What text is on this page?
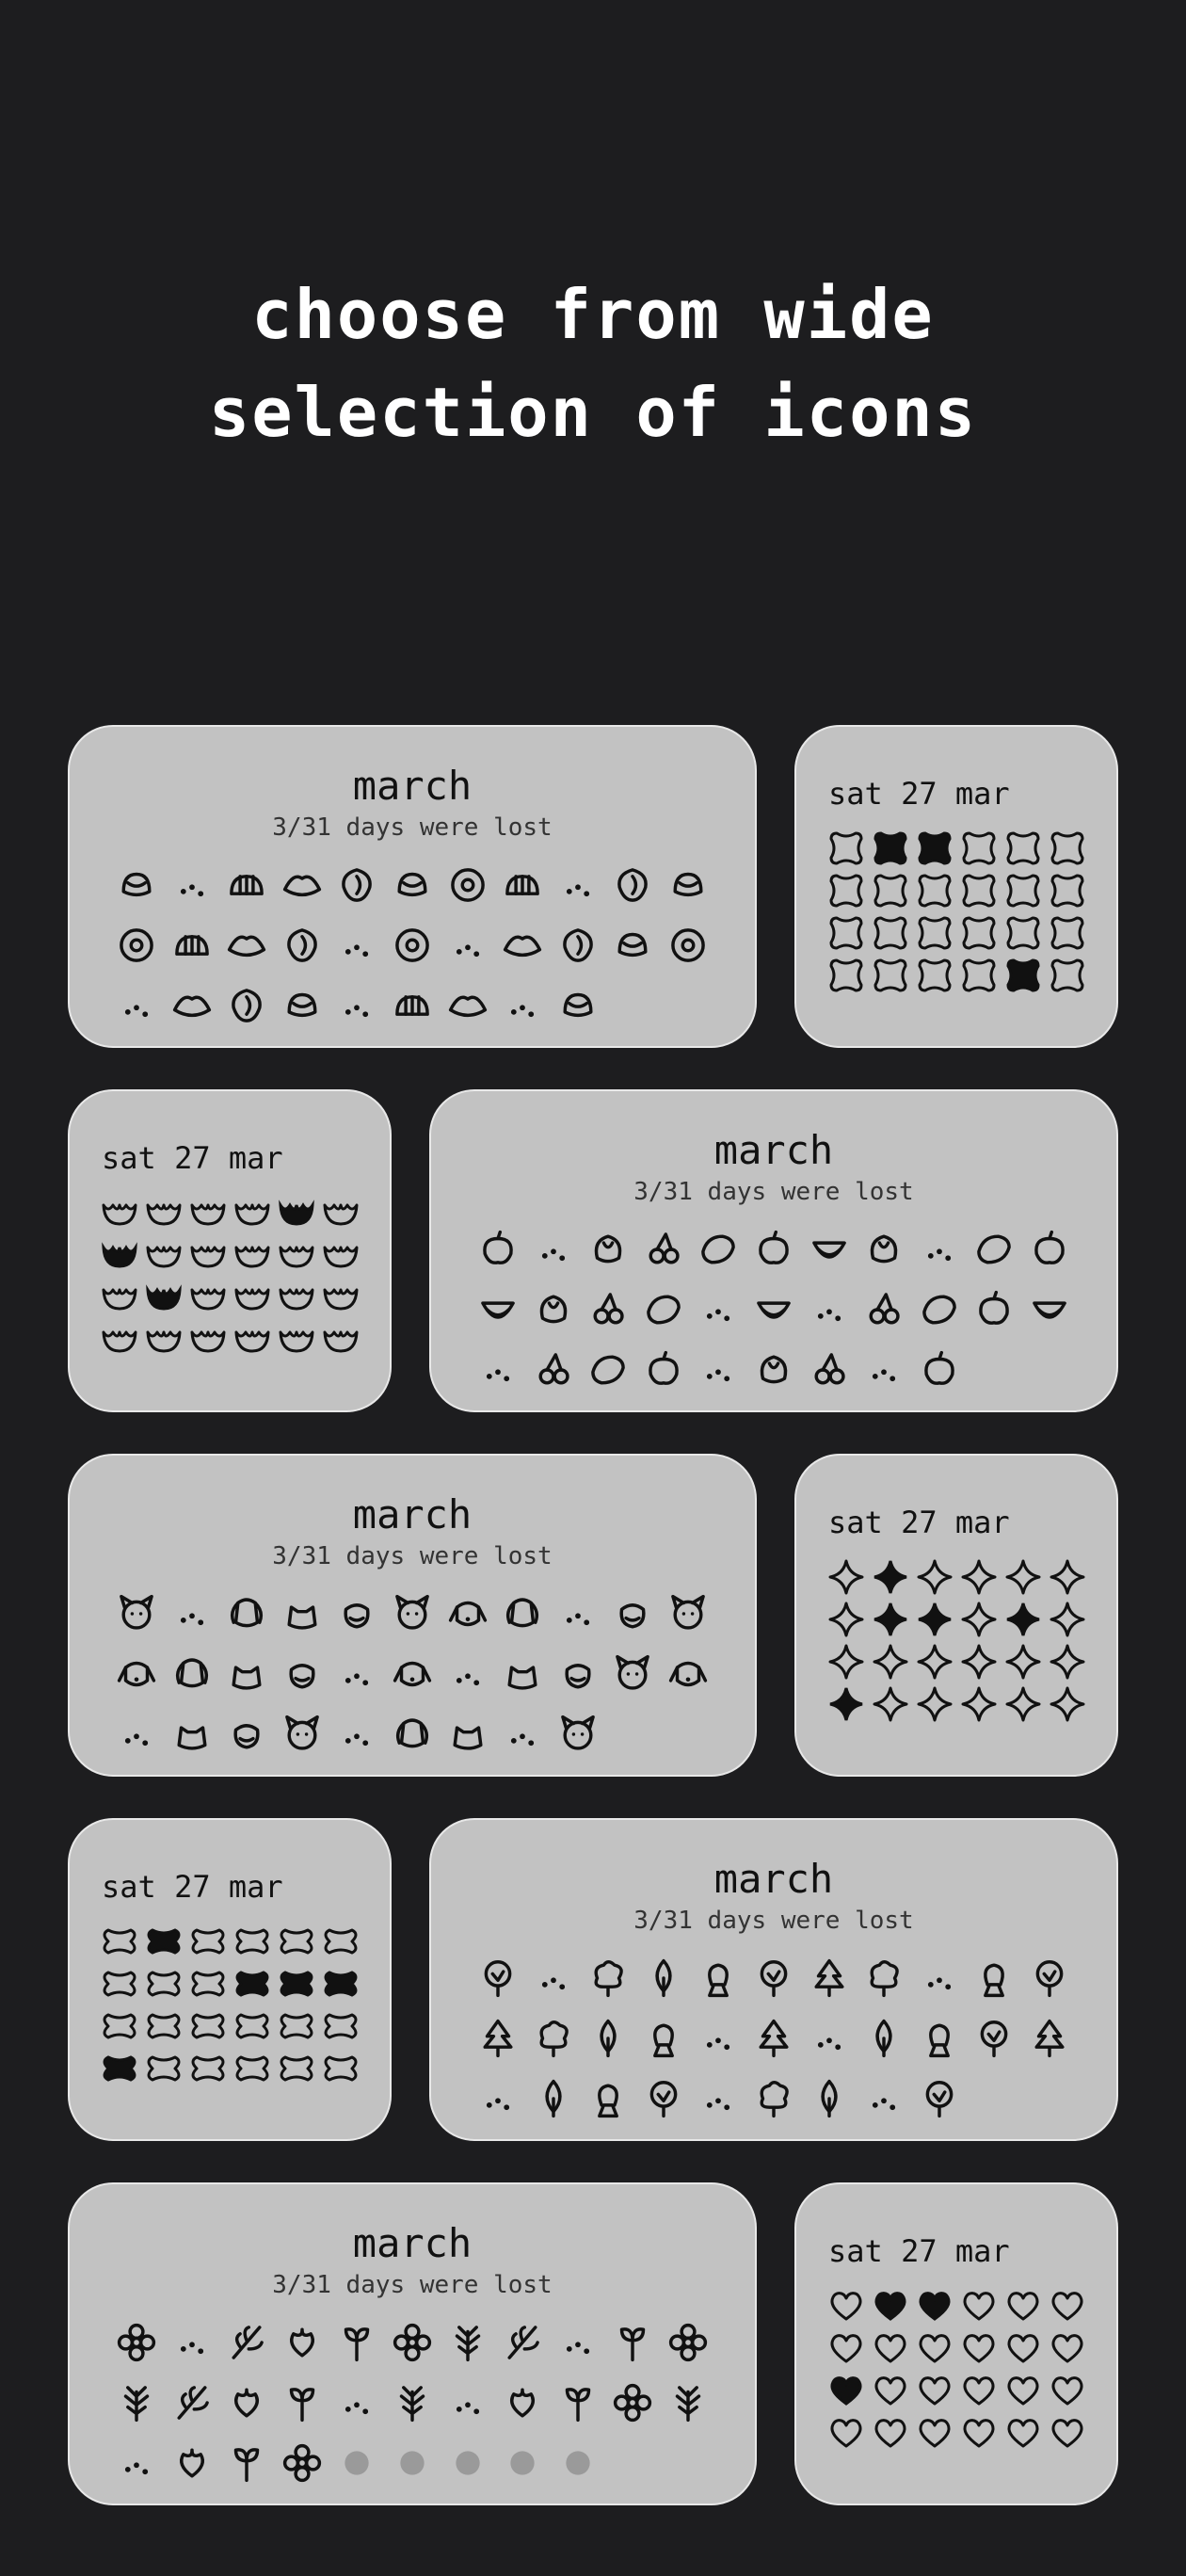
choose from wide
selection of icons
march
3/31 days were lost
sat 27 mar
sat 27 mar	march
3/31 days were lost
march
3/31 days were lost
sat 27 mar
sat 27 mar	march
3/31 days were lost
march
3/31 days were lost
sat 27 mar
